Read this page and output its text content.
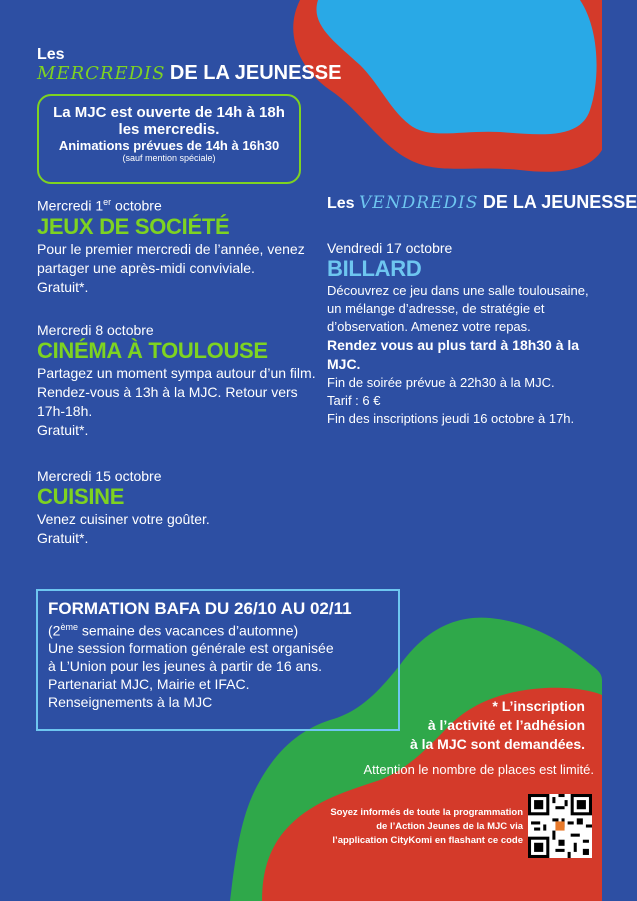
Les
MERCREDIS DE LA JEUNESSE
La MJC est ouverte de 14h à 18h
les mercredis.
Animations prévues de 14h à 16h30
(sauf mention spéciale)
Mercredi 1er octobre
JEUX DE SOCIÉTÉ
Pour le premier mercredi de l’année, venez
partager une après-midi conviviale.
Gratuit*.
Mercredi 8 octobre
CINÉMA À TOULOUSE
Partagez un moment sympa autour d’un film.
Rendez-vous à 13h à la MJC. Retour vers
17h-18h.
Gratuit*.
Mercredi 15 octobre
CUISINE
Venez cuisiner votre goûter.
Gratuit*.
Les VENDREDIS DE LA JEUNESSE
Vendredi 17 octobre
BILLARD
Découvrez ce jeu dans une salle toulousaine,
un mélange d’adresse, de stratégie et
d’observation. Amenez votre repas.
Rendez vous au plus tard à 18h30 à la
MJC.
Fin de soirée prévue à 22h30 à la MJC.
Tarif : 6 €
Fin des inscriptions jeudi 16 octobre à 17h.
FORMATION BAFA DU 26/10 AU 02/11
(2ème semaine des vacances d’automne)
Une session formation générale est organisée
à L’Union pour les jeunes à partir de 16 ans.
Partenariat MJC, Mairie et IFAC.
Renseignements à la MJC	* L’inscription
à l’activité et l’adhésion
à la MJC sont demandées.
Attention le nombre de places est limité.
Soyez informés de toute la programmation
de l’Action Jeunes de la MJC via
l’application CityKomi en flashant ce code
